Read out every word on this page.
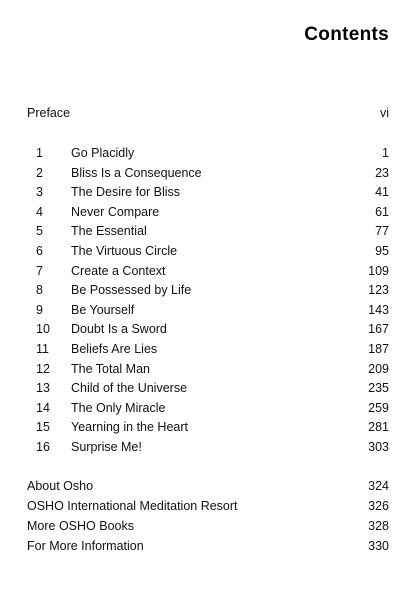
Contents
Preface	vi
1 Go Placidly	1
2 Bliss Is a Consequence	23
3 The Desire for Bliss	41
4 Never Compare	61
5 The Essential	77
6 The Virtuous Circle	95
7 Create a Context	109
8 Be Possessed by Life	123
9 Be Yourself	143
10 Doubt Is a Sword	167
11 Beliefs Are Lies	187
12 The Total Man	209
13 Child of the Universe	235
14 The Only Miracle	259
15 Yearning in the Heart	281
16 Surprise Me!	303
About Osho	324
OSHO International Meditation Resort	326
More OSHO Books	328
For More Information	330
